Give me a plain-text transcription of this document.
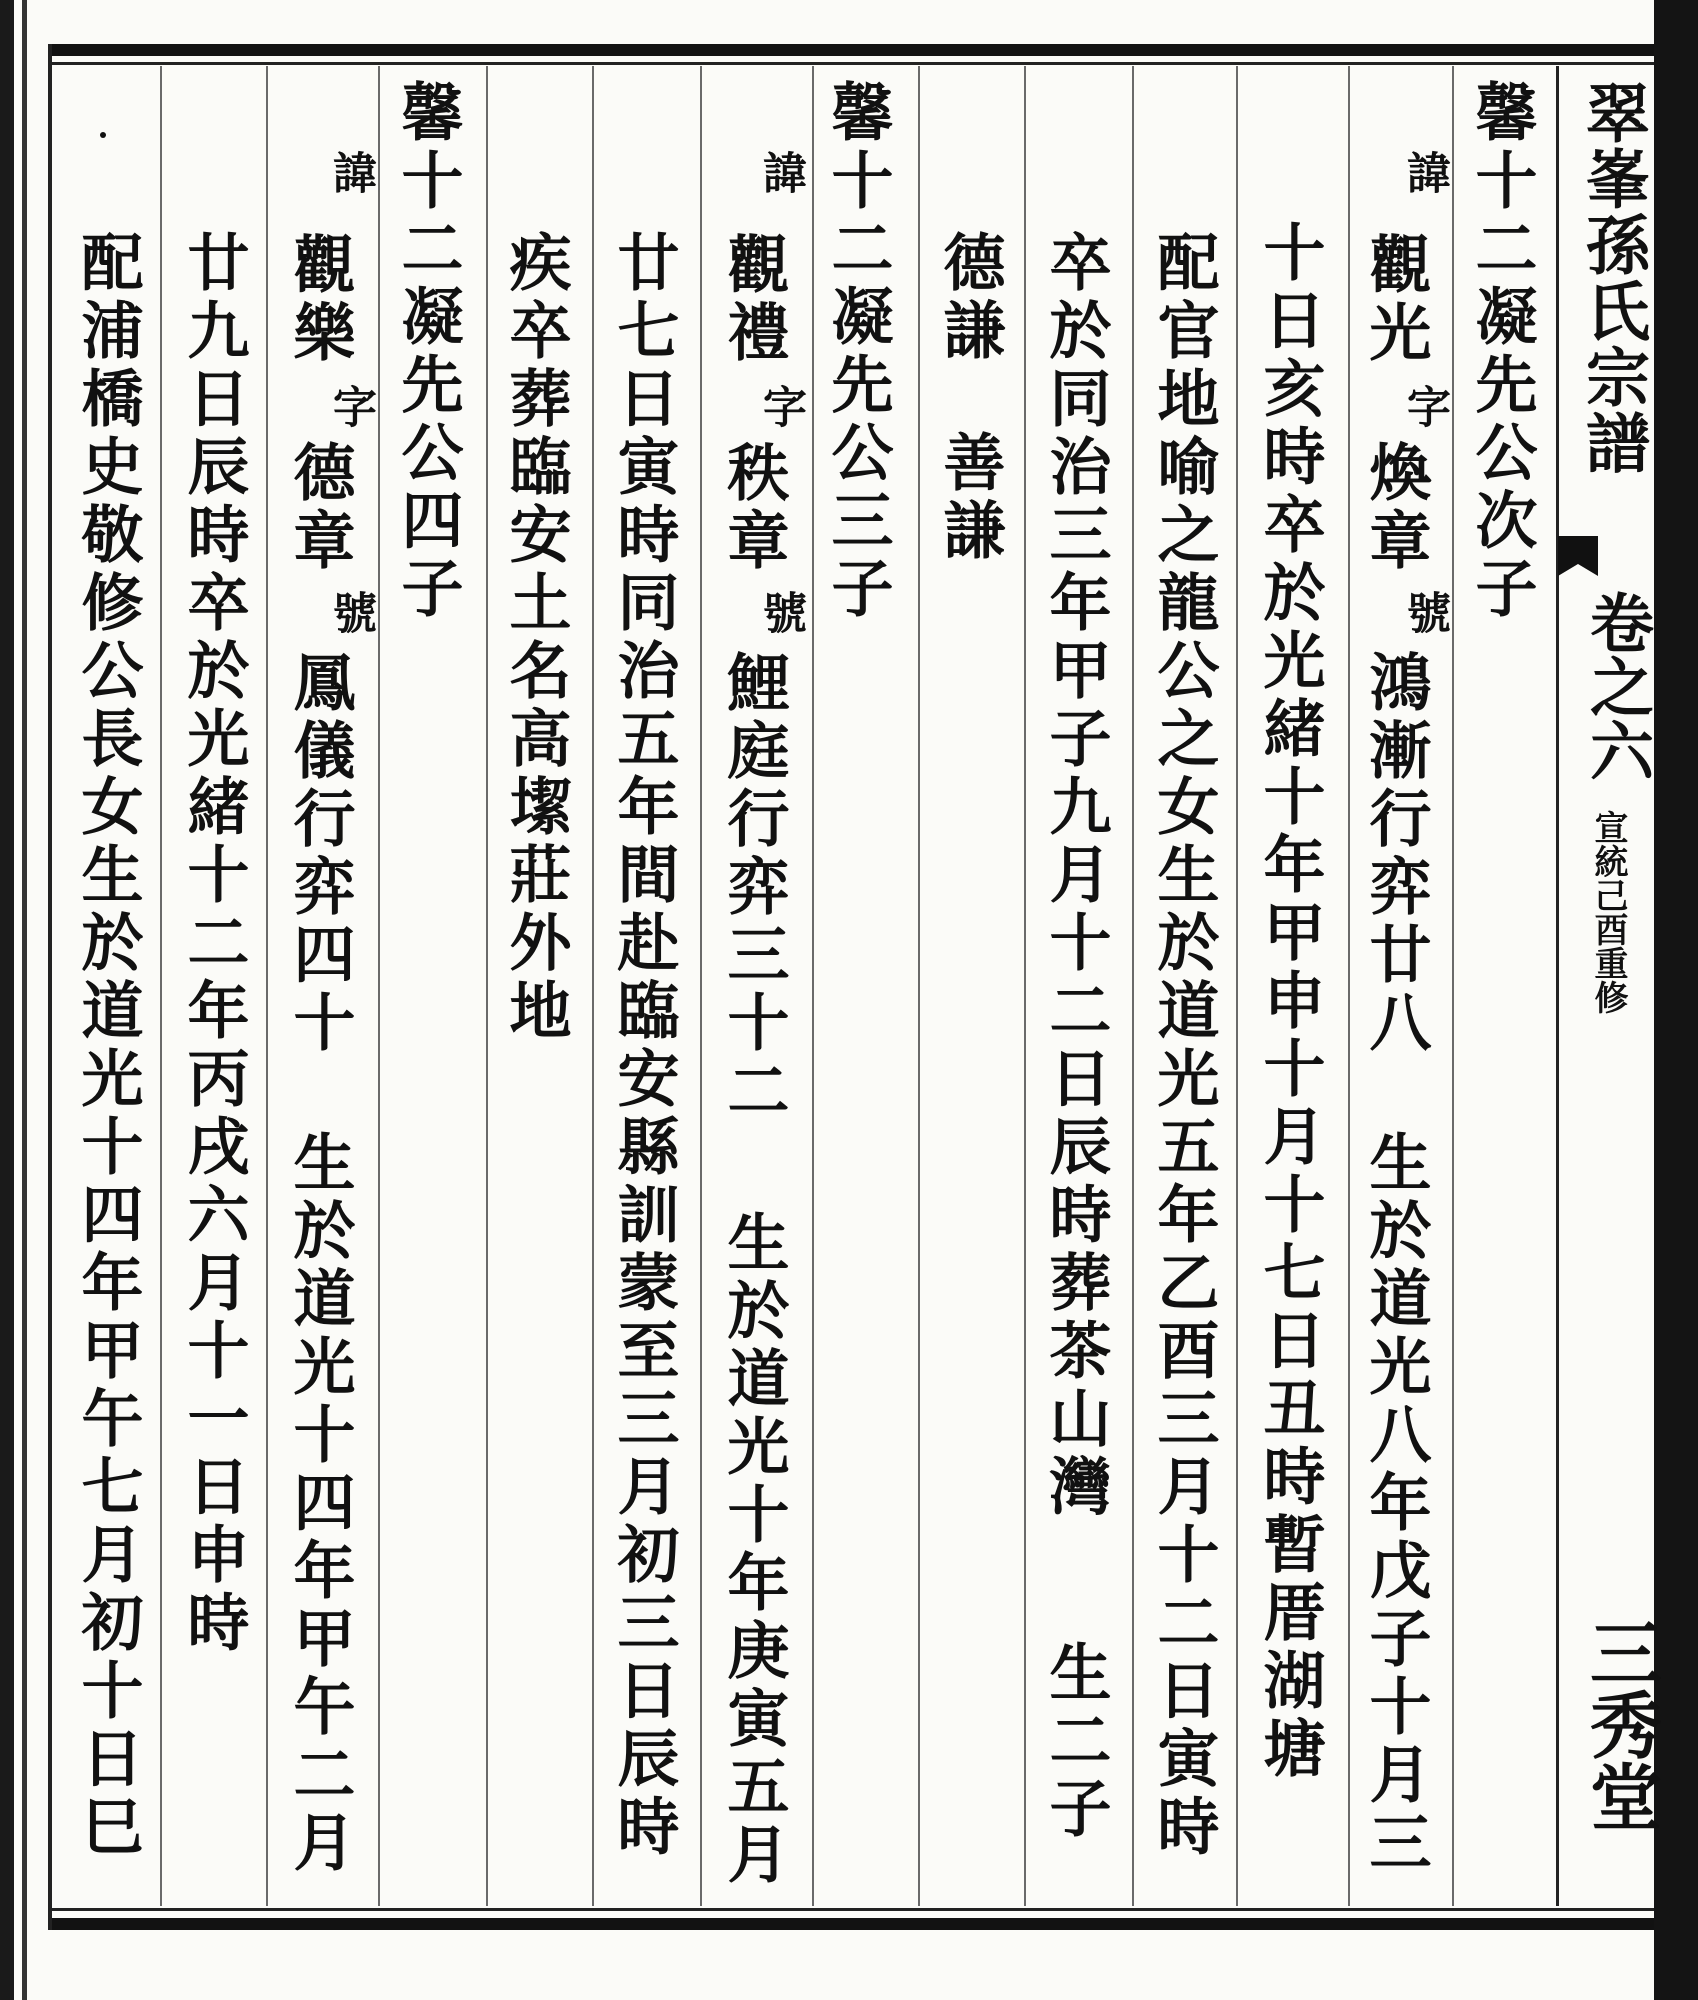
翠峯孫氏宗譜
卷之六
宣統己酉重修
三秀堂
馨十二凝先公次子
諱
觀光
字
煥章
號
鴻漸行弈廿八
生於道光八年戊子十月三
十日亥時卒於光緒十年甲申十月十七日丑時暫厝湖塘
配官地喻之龍公之女生於道光五年乙酉三月十二日寅時
卒於同治三年甲子九月十二日辰時葬茶山灣
生二子
德謙
善謙
馨十二凝先公三子
諱
觀禮
字
秩章
號
鯉庭行弈三十二
生於道光十年庚寅五月
廿七日寅時同治五年間赴臨安縣訓蒙至三月初三日辰時
疾卒葬臨安土名高𡐤莊外地
馨十二凝先公四子
諱
觀樂
字
德章
號
鳳儀行弈四十
生於道光十四年甲午二月
廿九日辰時卒於光緒十二年丙戌六月十一日申時
配浦橋史敬修公長女生於道光十四年甲午七月初十日巳
